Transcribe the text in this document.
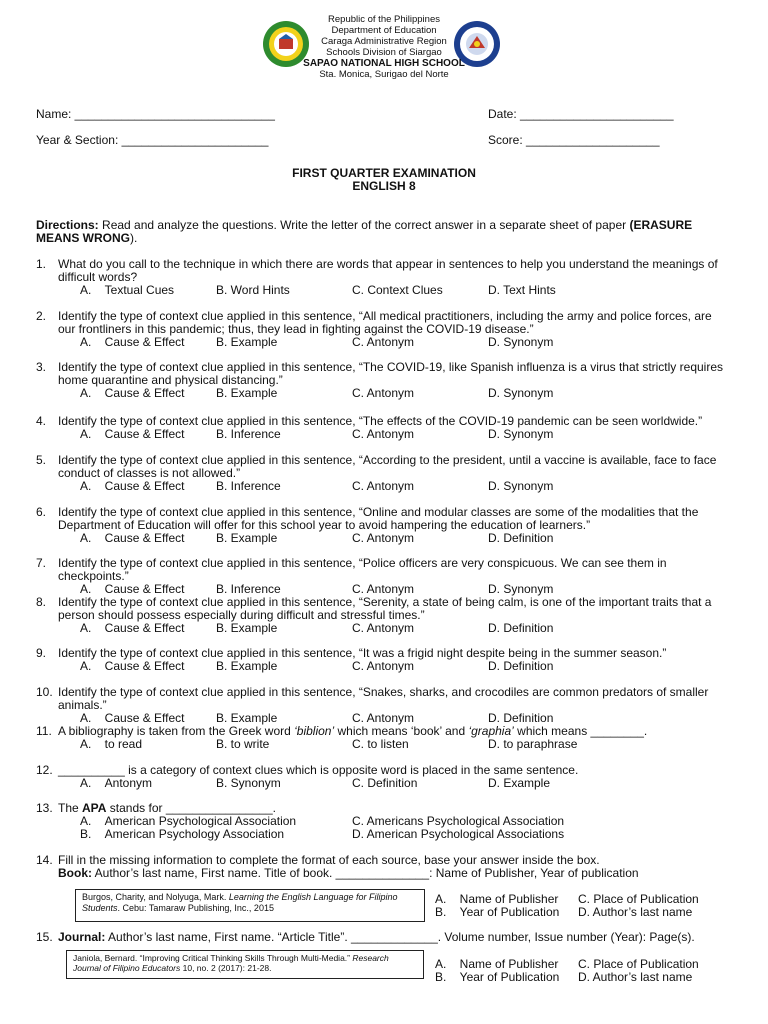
Republic of the Philippines
Department of Education
Caraga Administrative Region
Schools Division of Siargao
SAPAO NATIONAL HIGH SCHOOL
Sta. Monica, Surigao del Norte
Name: ______________________________	Date: _______________________
Year & Section: ______________________	Score: ____________________
FIRST QUARTER EXAMINATION
ENGLISH 8
Directions: Read and analyze the questions. Write the letter of the correct answer in a separate sheet of paper (ERASURE MEANS WRONG).
1. What do you call to the technique in which there are words that appear in sentences to help you understand the meanings of difficult words?
A.    Textual Cues	B. Word Hints	C. Context Clues	D. Text Hints
2. Identify the type of context clue applied in this sentence, “All medical practitioners, including the army and police forces, are our frontliners in this pandemic; thus, they lead in fighting against the COVID-19 disease.”
A.    Cause & Effect	B. Example	C. Antonym	D. Synonym
3. Identify the type of context clue applied in this sentence, “The COVID-19, like Spanish influenza is a virus that strictly requires home quarantine and physical distancing.”
A.    Cause & Effect	B. Example	C. Antonym	D. Synonym
4. Identify the type of context clue applied in this sentence, “The effects of the COVID-19 pandemic can be seen worldwide.”
A.    Cause & Effect	B. Inference	C. Antonym	D. Synonym
5. Identify the type of context clue applied in this sentence, “According to the president, until a vaccine is available, face to face conduct of classes is not allowed.”
A.    Cause & Effect	B. Inference	C. Antonym	D. Synonym
6. Identify the type of context clue applied in this sentence, “Online and modular classes are some of the modalities that the Department of Education will offer for this school year to avoid hampering the education of learners.”
A.    Cause & Effect	B. Example	C. Antonym	D. Definition
7. Identify the type of context clue applied in this sentence, “Police officers are very conspicuous. We can see them in checkpoints.”
A.    Cause & Effect	B. Inference	C. Antonym	D. Synonym
8. Identify the type of context clue applied in this sentence, “Serenity, a state of being calm, is one of the important traits that a person should possess especially during difficult and stressful times.”
A.    Cause & Effect	B. Example	C. Antonym	D. Definition
9. Identify the type of context clue applied in this sentence, “It was a frigid night despite being in the summer season.”
A.    Cause & Effect	B. Example	C. Antonym	D. Definition
10. Identify the type of context clue applied in this sentence, “Snakes, sharks, and crocodiles are common predators of smaller animals.”
A.    Cause & Effect	B. Example	C. Antonym	D. Definition
11. A bibliography is taken from the Greek word ‘biblion’ which means ‘book’ and ‘graphia’ which means ________.
A.    to read	B. to write	C. to listen	D. to paraphrase
12. __________ is a category of context clues which is opposite word is placed in the same sentence.
A.    Antonym	B. Synonym	C. Definition	D. Example
13. The APA stands for ________________.
A.    American Psychological Association	C. Americans Psychological Association
B.    American Psychology Association	D. American Psychological Associations
14. Fill in the missing information to complete the format of each source, base your answer inside the box.
Book: Author’s last name, First name. Title of book. ______________: Name of Publisher, Year of publication
Burgos, Charity, and Nolyuga, Mark. Learning the English Language for Filipino Students. Cebu: Tamaraw Publishing, Inc., 2015
A.    Name of Publisher C. Place of Publication
B.    Year of Publication D. Author’s last name
15. Journal: Author’s last name, First name. “Article Title”. _____________. Volume number, Issue number (Year): Page(s).
Janiola, Bernard. “Improving Critical Thinking Skills Through Multi-Media.” Research Journal of Filipino Educators 10, no. 2 (2017): 21-28.	A.    Name of Publisher C. Place of Publication
B.    Year of Publication D. Author’s last name
